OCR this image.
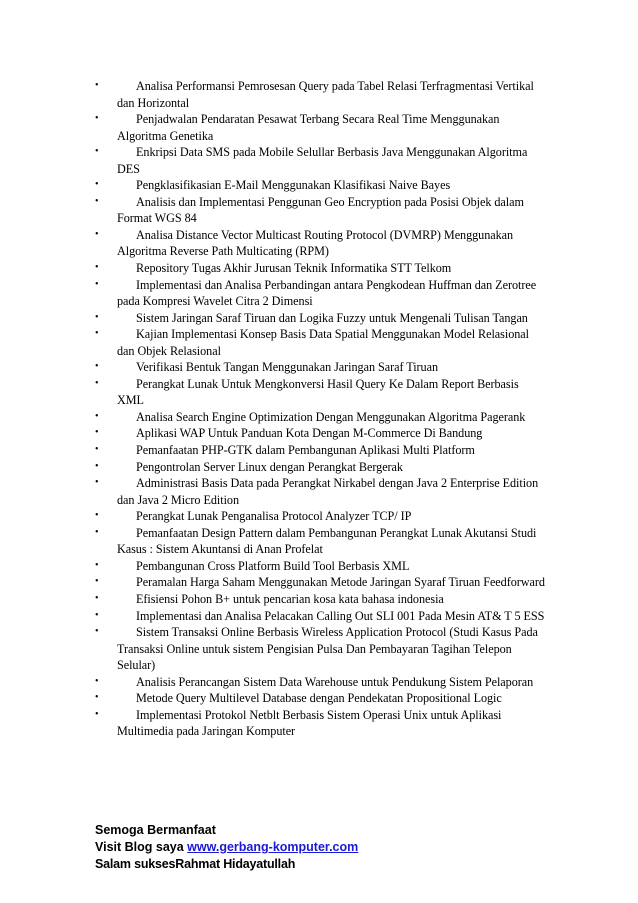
•	Analisa Performansi Pemrosesan Query pada Tabel Relasi Terfragmentasi Vertikal dan Horizontal
•	Penjadwalan Pendaratan Pesawat Terbang Secara Real Time Menggunakan Algoritma Genetika
•	Enkripsi Data SMS pada Mobile Selullar Berbasis Java Menggunakan Algoritma DES
•	Pengklasifikasian E-Mail Menggunakan Klasifikasi Naive Bayes
•	Analisis dan Implementasi Penggunan Geo Encryption pada Posisi Objek dalam Format WGS 84
•	Analisa Distance Vector Multicast Routing Protocol (DVMRP) Menggunakan Algoritma Reverse Path Multicating (RPM)
•	Repository Tugas Akhir Jurusan Teknik Informatika STT Telkom
•	Implementasi dan Analisa Perbandingan antara Pengkodean Huffman dan Zerotree pada Kompresi Wavelet Citra 2 Dimensi
•	Sistem Jaringan Saraf Tiruan dan Logika Fuzzy untuk Mengenali Tulisan Tangan
•	Kajian Implementasi Konsep Basis Data Spatial Menggunakan Model Relasional dan Objek Relasional
•	Verifikasi Bentuk Tangan Menggunakan Jaringan Saraf Tiruan
•	Perangkat Lunak Untuk Mengkonversi Hasil Query Ke Dalam Report Berbasis XML
•	Analisa Search Engine Optimization Dengan Menggunakan Algoritma Pagerank
•	Aplikasi WAP Untuk Panduan Kota Dengan M-Commerce Di Bandung
•	Pemanfaatan PHP-GTK dalam Pembangunan Aplikasi Multi Platform
•	Pengontrolan Server Linux dengan Perangkat Bergerak
•	Administrasi Basis Data pada Perangkat Nirkabel dengan Java 2 Enterprise Edition dan Java 2 Micro Edition
•	Perangkat Lunak Penganalisa Protocol Analyzer TCP/ IP
•	Pemanfaatan Design Pattern dalam Pembangunan Perangkat Lunak Akutansi Studi Kasus : Sistem Akuntansi di Anan Profelat
•	Pembangunan Cross Platform Build Tool Berbasis XML
•	Peramalan Harga Saham Menggunakan Metode Jaringan Syaraf Tiruan Feedforward
•	Efisiensi Pohon B+ untuk pencarian kosa kata bahasa indonesia
•	Implementasi dan Analisa Pelacakan Calling Out SLI 001 Pada Mesin AT& T 5 ESS
•	Sistem Transaksi Online Berbasis Wireless Application Protocol (Studi Kasus Pada Transaksi Online untuk sistem Pengisian Pulsa Dan Pembayaran Tagihan Telepon Selular)
•	Analisis Perancangan Sistem Data Warehouse untuk Pendukung Sistem Pelaporan
•	Metode Query Multilevel Database dengan Pendekatan Propositional Logic
•	Implementasi Protokol Netblt Berbasis Sistem Operasi Unix untuk Aplikasi Multimedia pada Jaringan Komputer
Semoga Bermanfaat
Visit Blog saya www.gerbang-komputer.com
Salam suksesRahmat Hidayatullah
